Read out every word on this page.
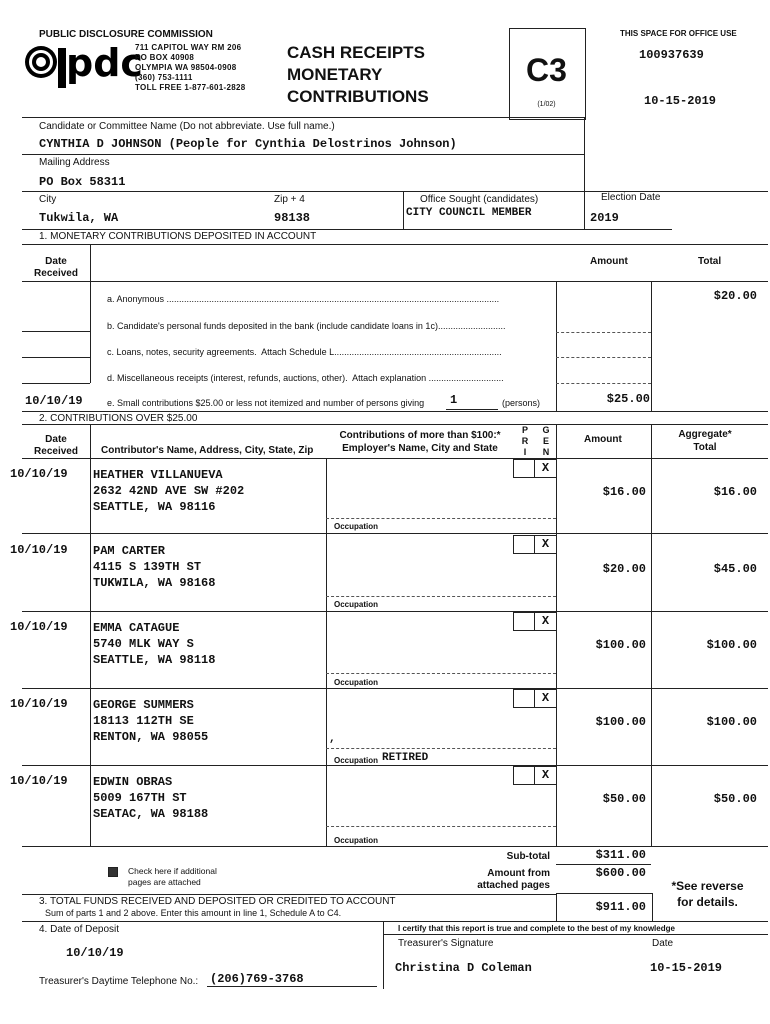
PUBLIC DISCLOSURE COMMISSION
pdc
711 CAPITOL WAY RM 206
PO BOX 40908
OLYMPIA WA 98504-0908
(360) 753-1111
TOLL FREE 1-877-601-2828
CASH RECEIPTS
MONETARY
CONTRIBUTIONS
C3
(1/02)
THIS SPACE FOR OFFICE USE
100937639
10-15-2019
Candidate or Committee Name (Do not abbreviate. Use full name.)
CYNTHIA D JOHNSON (People for Cynthia Delostrinos Johnson)
Mailing Address
PO Box 58311
City
Tukwila, WA
Zip + 4
98138
Office Sought (candidates)
CITY COUNCIL MEMBER
Election Date
2019
1. MONETARY CONTRIBUTIONS DEPOSITED IN ACCOUNT
Date
Received
Amount	Total
$20.00
a. Anonymous .....................................................................................................................................
b. Candidate's personal funds deposited in the bank (include candidate loans in 1c)...........................
c. Loans, notes, security agreements.  Attach Schedule L...................................................................
d. Miscellaneous receipts (interest, refunds, auctions, other).  Attach explanation ..............................
10/10/19	e. Small contributions $25.00 or less not itemized and number of persons giving 1	(persons)	$25.00
2. CONTRIBUTIONS OVER $25.00
Date
Received	Contributor's Name, Address, City, State, Zip
Contributions of more than $100:*
Employer's Name, City and State
P
R
I
G
E
N
Amount	Aggregate*
Total
10/10/19 HEATHER VILLANUEVA
2632 42ND AVE SW #202
SEATTLE, WA 98116
X
$16.00	$16.00
Occupation
10/10/19 PAM CARTER
4115 S 139TH ST
TUKWILA, WA 98168
X
$20.00	$45.00
Occupation
10/10/19 EMMA CATAGUE
5740 MLK WAY S
SEATTLE, WA 98118
X
$100.00	$100.00
Occupation
10/10/19 GEORGE SUMMERS
18113 112TH SE
RENTON, WA 98055
X
$100.00	$100.00
,
Occupation RETIRED
10/10/19 EDWIN OBRAS
5009 167TH ST
SEATAC, WA 98188
X
$50.00	$50.00
Occupation
Check here if additional
pages are attached
Sub-total	$311.00
Amount from
attached pages
$600.00
3. TOTAL FUNDS RECEIVED AND DEPOSITED OR CREDITED TO ACCOUNT
Sum of parts 1 and 2 above. Enter this amount in line 1, Schedule A to C4.	$911.00
*See reverse
for details.
4. Date of Deposit
10/10/19
I certify that this report is true and complete to the best of my knowledge
Treasurer's Signature	Date
Christina D Coleman	10-15-2019
Treasurer's Daytime Telephone No.: (206)769-3768
